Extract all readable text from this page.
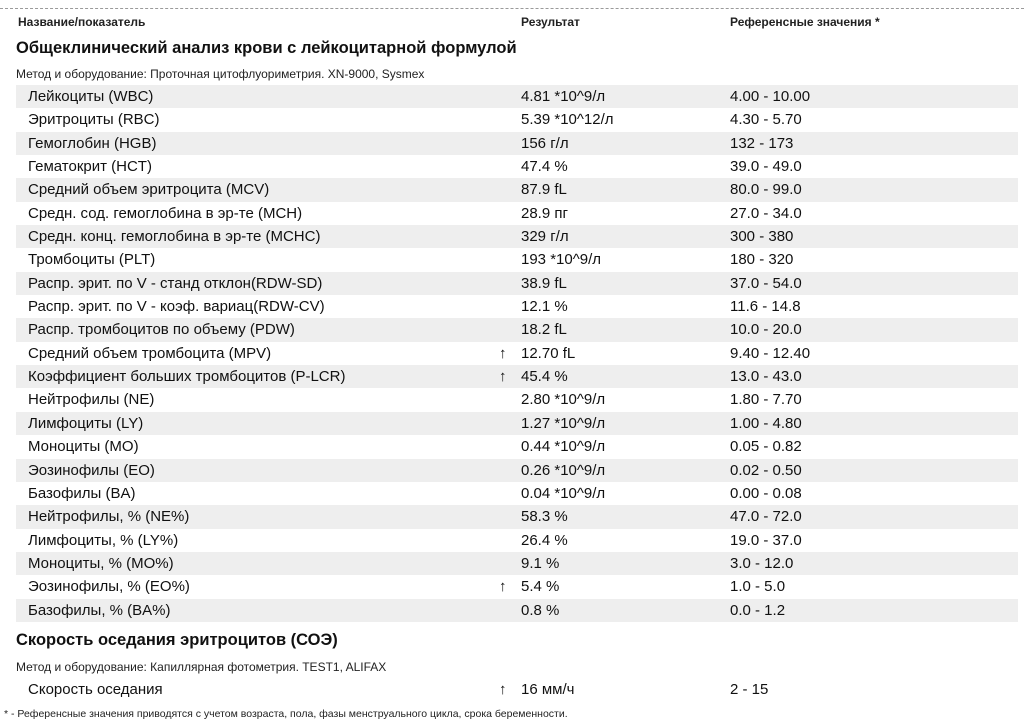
Название/показатель	Результат	Референсные значения *
Общеклинический анализ крови с лейкоцитарной формулой
Метод и оборудование: Проточная цитофлуориметрия. XN-9000, Sysmex
Лейкоциты (WBC)	4.81 *10^9/л	4.00 - 10.00
Эритроциты (RBC)	5.39 *10^12/л	4.30 - 5.70
Гемоглобин (HGB)	156 г/л	132 - 173
Гематокрит (HCT)	47.4 %	39.0 - 49.0
Средний объем эритроцита (MCV)	87.9 fL	80.0 - 99.0
Средн. сод. гемоглобина в эр-те (MCH)	28.9 пг	27.0 - 34.0
Средн. конц. гемоглобина в эр-те (MCHC)	329 г/л	300 - 380
Тромбоциты (PLT)	193 *10^9/л	180 - 320
Распр. эрит. по V - станд отклон(RDW-SD)	38.9 fL	37.0 - 54.0
Распр. эрит. по V - коэф. вариац(RDW-CV)	12.1 %	11.6 - 14.8
Распр. тромбоцитов по объему (PDW)	18.2 fL	10.0 - 20.0
Средний объем тромбоцита (MPV)	↑ 12.70 fL	9.40 - 12.40
Коэффициент больших тромбоцитов (P-LCR)	↑ 45.4 %	13.0 - 43.0
Нейтрофилы (NE)	2.80 *10^9/л	1.80 - 7.70
Лимфоциты (LY)	1.27 *10^9/л	1.00 - 4.80
Моноциты (MO)	0.44 *10^9/л	0.05 - 0.82
Эозинофилы (EO)	0.26 *10^9/л	0.02 - 0.50
Базофилы (BA)	0.04 *10^9/л	0.00 - 0.08
Нейтрофилы, % (NE%)	58.3 %	47.0 - 72.0
Лимфоциты, % (LY%)	26.4 %	19.0 - 37.0
Моноциты, % (MO%)	9.1 %	3.0 - 12.0
Эозинофилы, % (EO%)	↑ 5.4 %	1.0 - 5.0
Базофилы, % (BA%)	0.8 %	0.0 - 1.2
Скорость оседания эритроцитов (СОЭ)
Метод и оборудование: Капиллярная фотометрия. TEST1, ALIFAX
Скорость оседания	↑ 16 мм/ч	2 - 15
* - Референсные значения приводятся с учетом возраста, пола, фазы менструального цикла, срока беременности.
